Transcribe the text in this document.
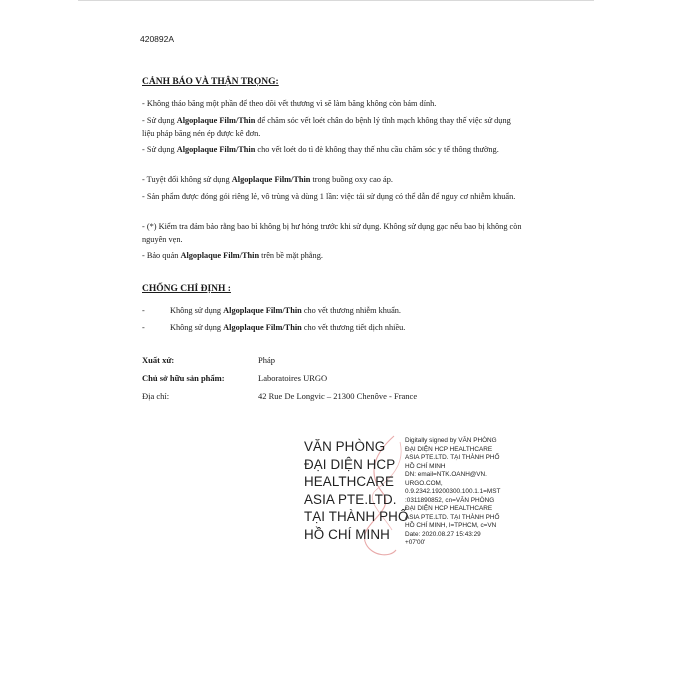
420892A
CẢNH BÁO VÀ THẬN TRỌNG:
- Không tháo băng một phần để theo dõi vết thương vì sẽ làm băng không còn bám dính.
- Sử dụng Algoplaque Film/Thin để chăm sóc vết loét chân do bệnh lý tĩnh mạch không thay thế việc sử dụng liệu pháp băng nén ép được kê đơn.
- Sử dụng Algoplaque Film/Thin cho vết loét do tì đè không thay thế nhu cầu chăm sóc y tế thông thường.
- Tuyệt đối không sử dụng Algoplaque Film/Thin trong buồng oxy cao áp.
- Sản phẩm được đóng gói riêng lẻ, vô trùng và dùng 1 lần: việc tái sử dụng có thể dẫn để nguy cơ nhiễm khuẩn.
- (*) Kiểm tra đảm bảo rằng bao bì không bị hư hỏng trước khi sử dụng. Không sử dụng gạc nếu bao bị không còn nguyên vẹn.
- Bảo quản Algoplaque Film/Thin trên bề mặt phẳng.
CHỐNG CHỈ ĐỊNH :
-	Không sử dụng Algoplaque Film/Thin cho vết thương nhiễm khuẩn.
-	Không sử dụng Algoplaque Film/Thin cho vết thương tiết dịch nhiều.
Xuất xứ:	Pháp
Chủ sở hữu sản phẩm:	Laboratoires URGO
Địa chỉ:	42 Rue De Longvic – 21300 Chenôve - France
VĂN PHÒNG
ĐẠI DIỆN HCP
HEALTHCARE
ASIA PTE.LTD.
TẠI THÀNH PHỐ
HỒ CHÍ MINH
Digitally signed by VĂN PHÒNG
ĐẠI DIỆN HCP HEALTHCARE
ASIA PTE.LTD. TẠI THÀNH PHỐ
HỒ CHÍ MINH
DN: email=NTK.OANH@VN.
URGO.COM,
0.9.2342.19200300.100.1.1=MST
:0311890852, cn=VĂN PHÒNG
ĐẠI DIỆN HCP HEALTHCARE
ASIA PTE.LTD. TẠI THÀNH PHỐ
HỒ CHÍ MINH, l=TPHCM, c=VN
Date: 2020.08.27 15:43:29
+07'00'
